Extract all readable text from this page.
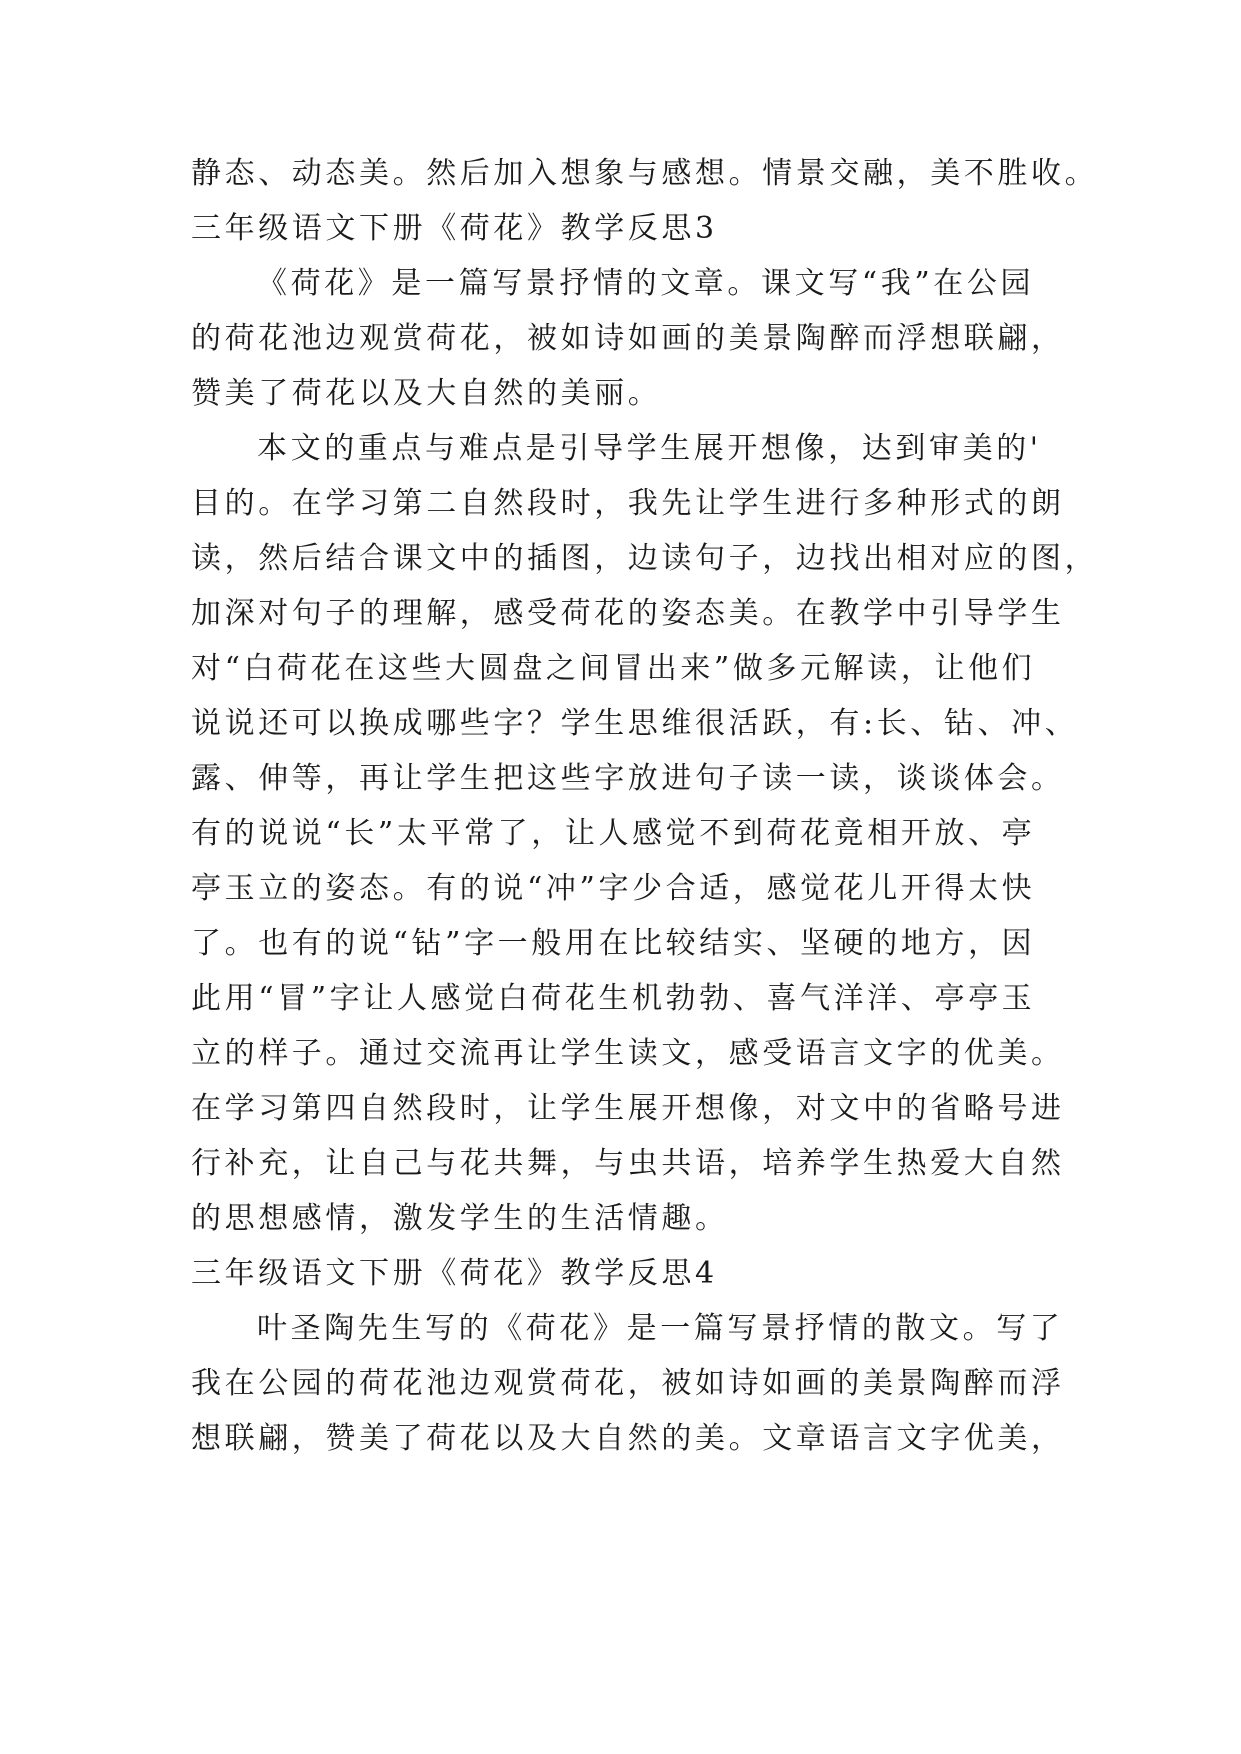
静态、动态美。然后加入想象与感想。情景交融，美不胜收。

三年级语文下册《荷花》教学反思3

《荷花》是一篇写景抒情的文章。课文写“我”在公园

的荷花池边观赏荷花，被如诗如画的美景陶醉而浮想联翩，

赞美了荷花以及大自然的美丽。

本文的重点与难点是引导学生展开想像，达到审美的'

目的。在学习第二自然段时，我先让学生进行多种形式的朗

读，然后结合课文中的插图，边读句子，边找出相对应的图，

加深对句子的理解，感受荷花的姿态美。在教学中引导学生

对“白荷花在这些大圆盘之间冒出来”做多元解读，让他们

说说还可以换成哪些字？学生思维很活跃，有:长、钻、冲、

露、伸等，再让学生把这些字放进句子读一读，谈谈体会。

有的说说“长”太平常了，让人感觉不到荷花竟相开放、亭

亭玉立的姿态。有的说“冲”字少合适，感觉花儿开得太快

了。也有的说“钻”字一般用在比较结实、坚硬的地方，因

此用“冒”字让人感觉白荷花生机勃勃、喜气洋洋、亭亭玉

立的样子。通过交流再让学生读文，感受语言文字的优美。

在学习第四自然段时，让学生展开想像，对文中的省略号进

行补充，让自己与花共舞，与虫共语，培养学生热爱大自然

的思想感情，激发学生的生活情趣。

三年级语文下册《荷花》教学反思4

叶圣陶先生写的《荷花》是一篇写景抒情的散文。写了

我在公园的荷花池边观赏荷花，被如诗如画的美景陶醉而浮

想联翩，赞美了荷花以及大自然的美。文章语言文字优美，
